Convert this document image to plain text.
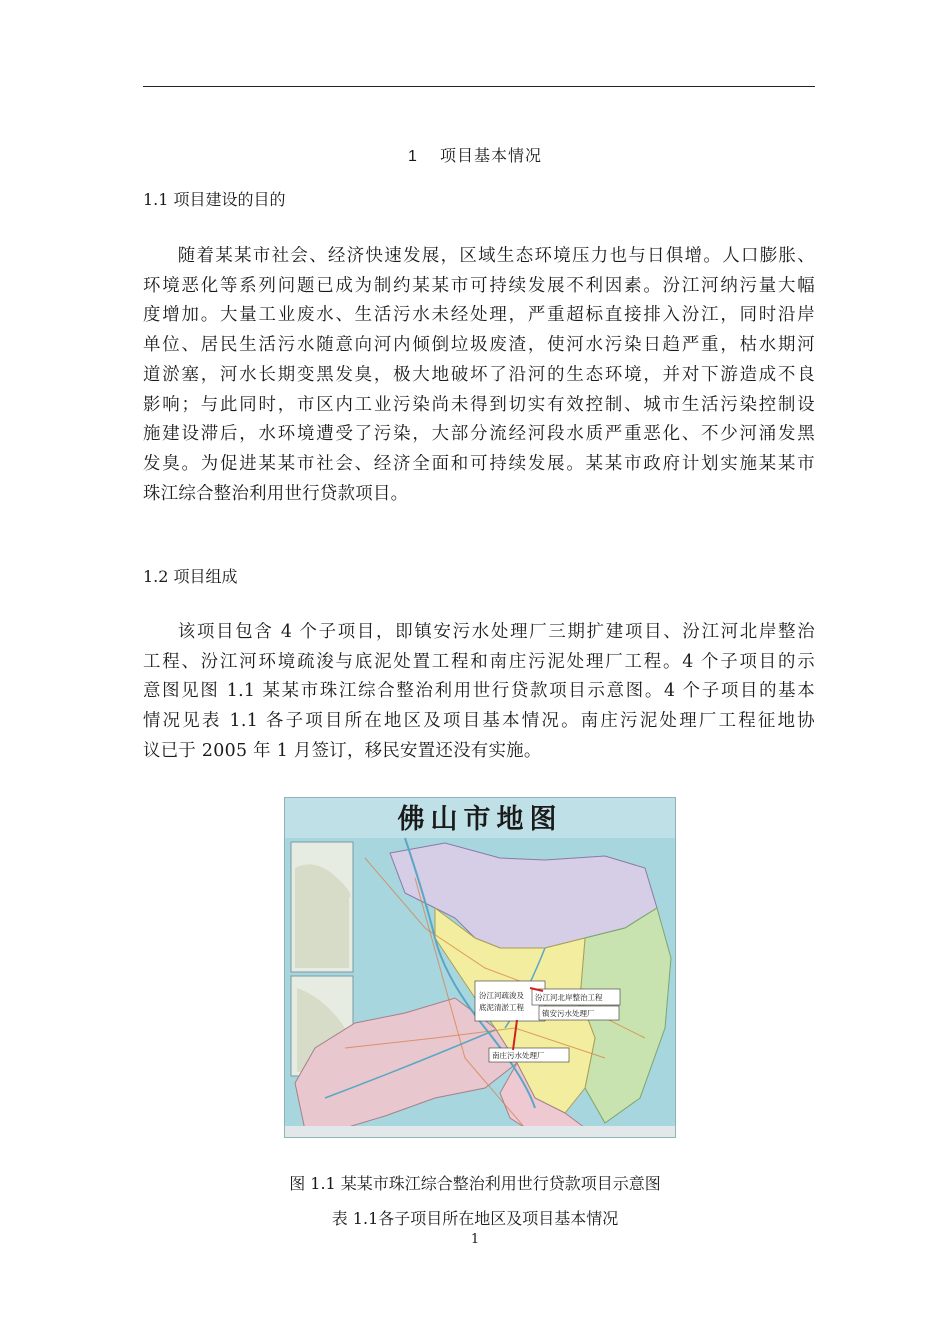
1 项目基本情况
1.1 项目建设的目的
随着某某市社会、经济快速发展，区域生态环境压力也与日俱增。人口膨胀、
环境恶化等系列问题已成为制约某某市可持续发展不利因素。汾江河纳污量大幅
度增加。大量工业废水、生活污水未经处理，严重超标直接排入汾江，同时沿岸
单位、居民生活污水随意向河内倾倒垃圾废渣，使河水污染日趋严重，枯水期河
道淤塞，河水长期变黑发臭，极大地破坏了沿河的生态环境，并对下游造成不良
影响；与此同时，市区内工业污染尚未得到切实有效控制、城市生活污染控制设
施建设滞后，水环境遭受了污染，大部分流经河段水质严重恶化、不少河涌发黑
发臭。为促进某某市社会、经济全面和可持续发展。某某市政府计划实施某某市
珠江综合整治利用世行贷款项目。
1.2 项目组成
该项目包含 4 个子项目，即镇安污水处理厂三期扩建项目、汾江河北岸整治
工程、汾江河环境疏浚与底泥处置工程和南庄污泥处理厂工程。4 个子项目的示
意图见图 1.1 某某市珠江综合整治利用世行贷款项目示意图。4 个子项目的基本
情况见表 1.1 各子项目所在地区及项目基本情况。南庄污泥处理厂工程征地协
议已于 2005 年 1 月签订，移民安置还没有实施。
佛山市地图
汾江河疏浚及底泥清淤工程
汾江河北岸整治工程
镇安污水处理厂
南庄污水处理厂
图 1.1 某某市珠江综合整治利用世行贷款项目示意图
表 1.1各子项目所在地区及项目基本情况
1
